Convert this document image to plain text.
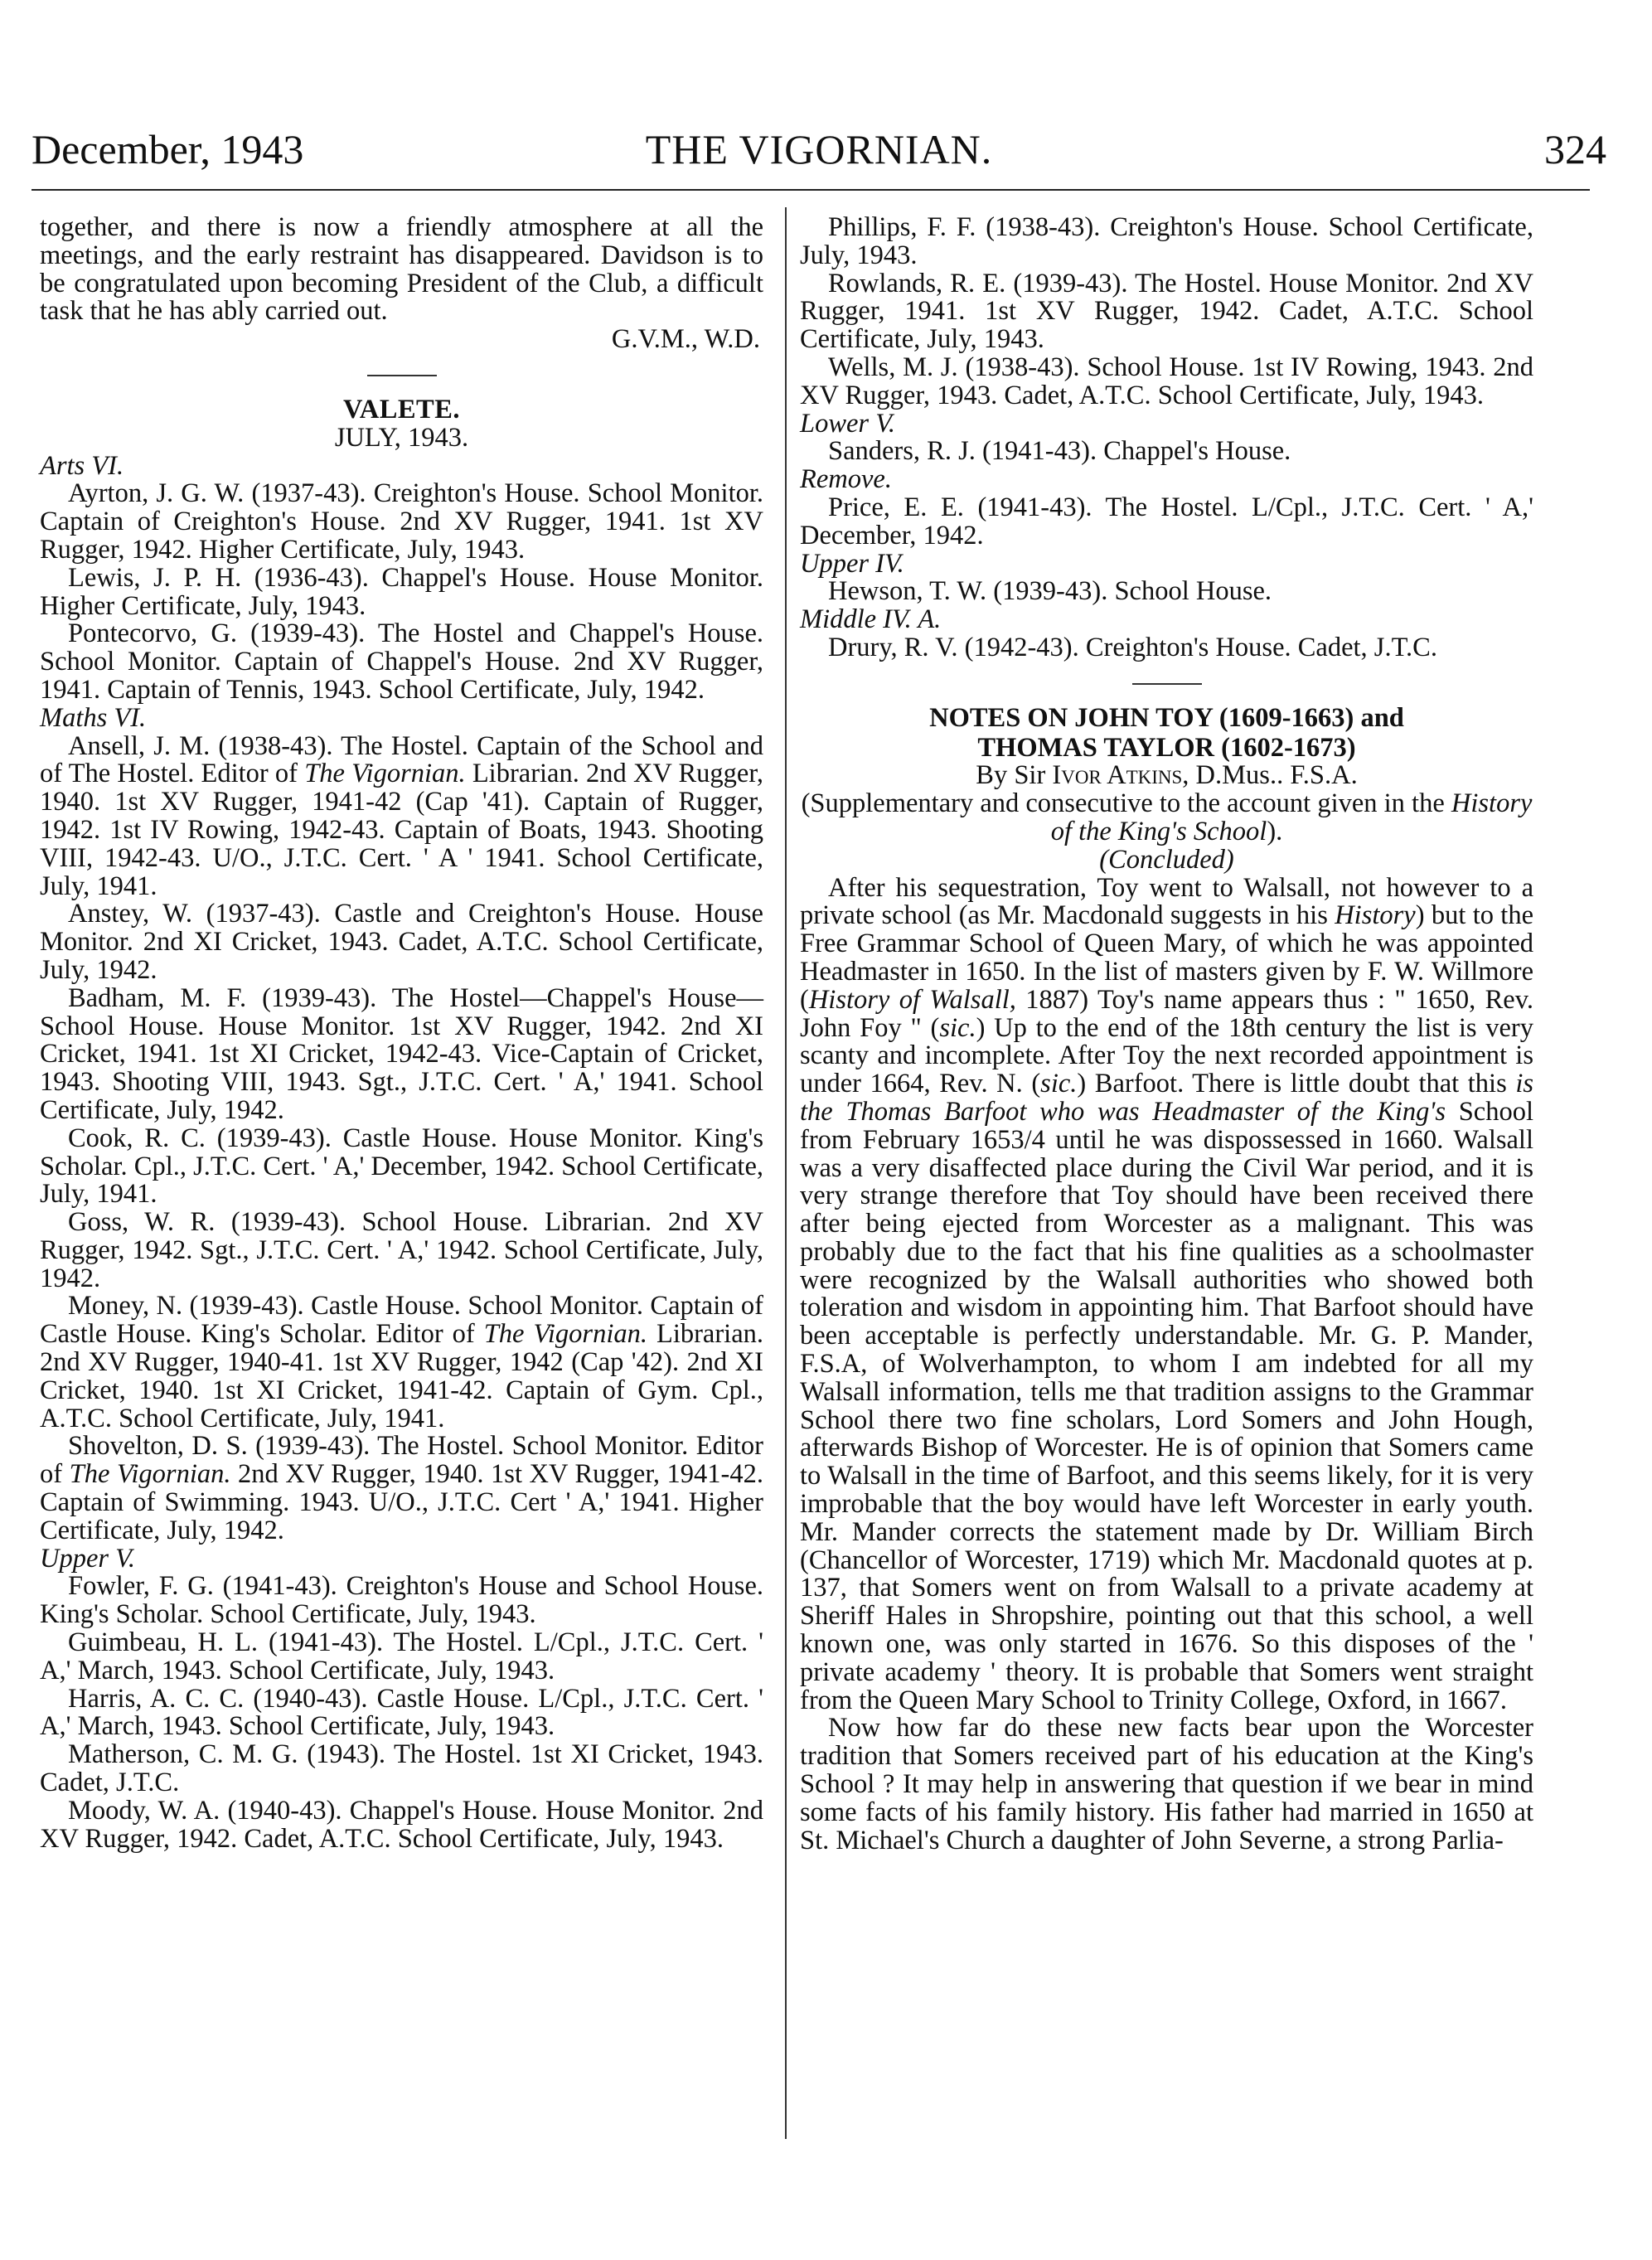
December, 1943	THE VIGORNIAN.	324

together, and there is now a friendly atmosphere at all the meetings, and the early restraint has disappeared. Davidson is to be congratulated upon becoming President of the Club, a difficult task that he has ably carried out.

G.V.M., W.D.

VALETE.

JULY, 1943.

Arts VI.

Ayrton, J. G. W. (1937-43). Creighton's House. School Monitor. Captain of Creighton's House. 2nd XV Rugger, 1941. 1st XV Rugger, 1942. Higher Certificate, July, 1943.

Lewis, J. P. H. (1936-43). Chappel's House. House Monitor. Higher Certificate, July, 1943.

Pontecorvo, G. (1939-43). The Hostel and Chappel's House. School Monitor. Captain of Chappel's House. 2nd XV Rugger, 1941. Captain of Tennis, 1943. School Certificate, July, 1942.

Maths VI.

Ansell, J. M. (1938-43). The Hostel. Captain of the School and of The Hostel. Editor of The Vigornian. Librarian. 2nd XV Rugger, 1940. 1st XV Rugger, 1941-42 (Cap '41). Captain of Rugger, 1942. 1st IV Rowing, 1942-43. Captain of Boats, 1943. Shooting VIII, 1942-43. U/O., J.T.C. Cert. ' A ' 1941. School Certificate, July, 1941.

Anstey, W. (1937-43). Castle and Creighton's House. House Monitor. 2nd XI Cricket, 1943. Cadet, A.T.C. School Certificate, July, 1942.

Badham, M. F. (1939-43). The Hostel—Chappel's House—School House. House Monitor. 1st XV Rugger, 1942. 2nd XI Cricket, 1941. 1st XI Cricket, 1942-43. Vice-Captain of Cricket, 1943. Shooting VIII, 1943. Sgt., J.T.C. Cert. ' A,' 1941. School Certificate, July, 1942.

Cook, R. C. (1939-43). Castle House. House Monitor. King's Scholar. Cpl., J.T.C. Cert. ' A,' December, 1942. School Certificate, July, 1941.

Goss, W. R. (1939-43). School House. Librarian. 2nd XV Rugger, 1942. Sgt., J.T.C. Cert. ' A,' 1942. School Certificate, July, 1942.

Money, N. (1939-43). Castle House. School Monitor. Captain of Castle House. King's Scholar. Editor of The Vigornian. Librarian. 2nd XV Rugger, 1940-41. 1st XV Rugger, 1942 (Cap '42). 2nd XI Cricket, 1940. 1st XI Cricket, 1941-42. Captain of Gym. Cpl., A.T.C. School Certificate, July, 1941.

Shovelton, D. S. (1939-43). The Hostel. School Monitor. Editor of The Vigornian. 2nd XV Rugger, 1940. 1st XV Rugger, 1941-42. Captain of Swimming. 1943. U/O., J.T.C. Cert ' A,' 1941. Higher Certificate, July, 1942.

Upper V.

Fowler, F. G. (1941-43). Creighton's House and School House. King's Scholar. School Certificate, July, 1943.

Guimbeau, H. L. (1941-43). The Hostel. L/Cpl., J.T.C. Cert. ' A,' March, 1943. School Certificate, July, 1943.

Harris, A. C. C. (1940-43). Castle House. L/Cpl., J.T.C. Cert. ' A,' March, 1943. School Certificate, July, 1943.

Matherson, C. M. G. (1943). The Hostel. 1st XI Cricket, 1943. Cadet, J.T.C.

Moody, W. A. (1940-43). Chappel's House. House Monitor. 2nd XV Rugger, 1942. Cadet, A.T.C. School Certificate, July, 1943.

Phillips, F. F. (1938-43). Creighton's House. School Certificate, July, 1943.

Rowlands, R. E. (1939-43). The Hostel. House Monitor. 2nd XV Rugger, 1941. 1st XV Rugger, 1942. Cadet, A.T.C. School Certificate, July, 1943.

Wells, M. J. (1938-43). School House. 1st IV Rowing, 1943. 2nd XV Rugger, 1943. Cadet, A.T.C. School Certificate, July, 1943.

Lower V.

Sanders, R. J. (1941-43). Chappel's House.

Remove.

Price, E. E. (1941-43). The Hostel. L/Cpl., J.T.C. Cert. ' A,' December, 1942.

Upper IV.

Hewson, T. W. (1939-43). School House.

Middle IV. A.

Drury, R. V. (1942-43). Creighton's House. Cadet, J.T.C.

NOTES ON JOHN TOY (1609-1663) and

THOMAS TAYLOR (1602-1673)

By Sir Ivor Atkins, D.Mus.. F.S.A.

(Supplementary and consecutive to the account given in the History of the King's School).

(Concluded)

After his sequestration, Toy went to Walsall, not however to a private school (as Mr. Macdonald suggests in his History) but to the Free Grammar School of Queen Mary, of which he was appointed Headmaster in 1650. In the list of masters given by F. W. Willmore (History of Walsall, 1887) Toy's name appears thus : " 1650, Rev. John Foy " (sic.) Up to the end of the 18th century the list is very scanty and incomplete. After Toy the next recorded appointment is under 1664, Rev. N. (sic.) Barfoot. There is little doubt that this is the Thomas Barfoot who was Headmaster of the King's School from February 1653/4 until he was dispossessed in 1660. Walsall was a very disaffected place during the Civil War period, and it is very strange therefore that Toy should have been received there after being ejected from Worcester as a malignant. This was probably due to the fact that his fine qualities as a schoolmaster were recognized by the Walsall authorities who showed both toleration and wisdom in appointing him. That Barfoot should have been acceptable is perfectly understandable. Mr. G. P. Mander, F.S.A, of Wolverhampton, to whom I am indebted for all my Walsall information, tells me that tradition assigns to the Grammar School there two fine scholars, Lord Somers and John Hough, afterwards Bishop of Worcester. He is of opinion that Somers came to Walsall in the time of Barfoot, and this seems likely, for it is very improbable that the boy would have left Worcester in early youth. Mr. Mander corrects the statement made by Dr. William Birch (Chancellor of Worcester, 1719) which Mr. Macdonald quotes at p. 137, that Somers went on from Walsall to a private academy at Sheriff Hales in Shropshire, pointing out that this school, a well known one, was only started in 1676. So this disposes of the ' private academy ' theory. It is probable that Somers went straight from the Queen Mary School to Trinity College, Oxford, in 1667.

Now how far do these new facts bear upon the Worcester tradition that Somers received part of his education at the King's School ? It may help in answering that question if we bear in mind some facts of his family history. His father had married in 1650 at St. Michael's Church a daughter of John Severne, a strong Parlia-
